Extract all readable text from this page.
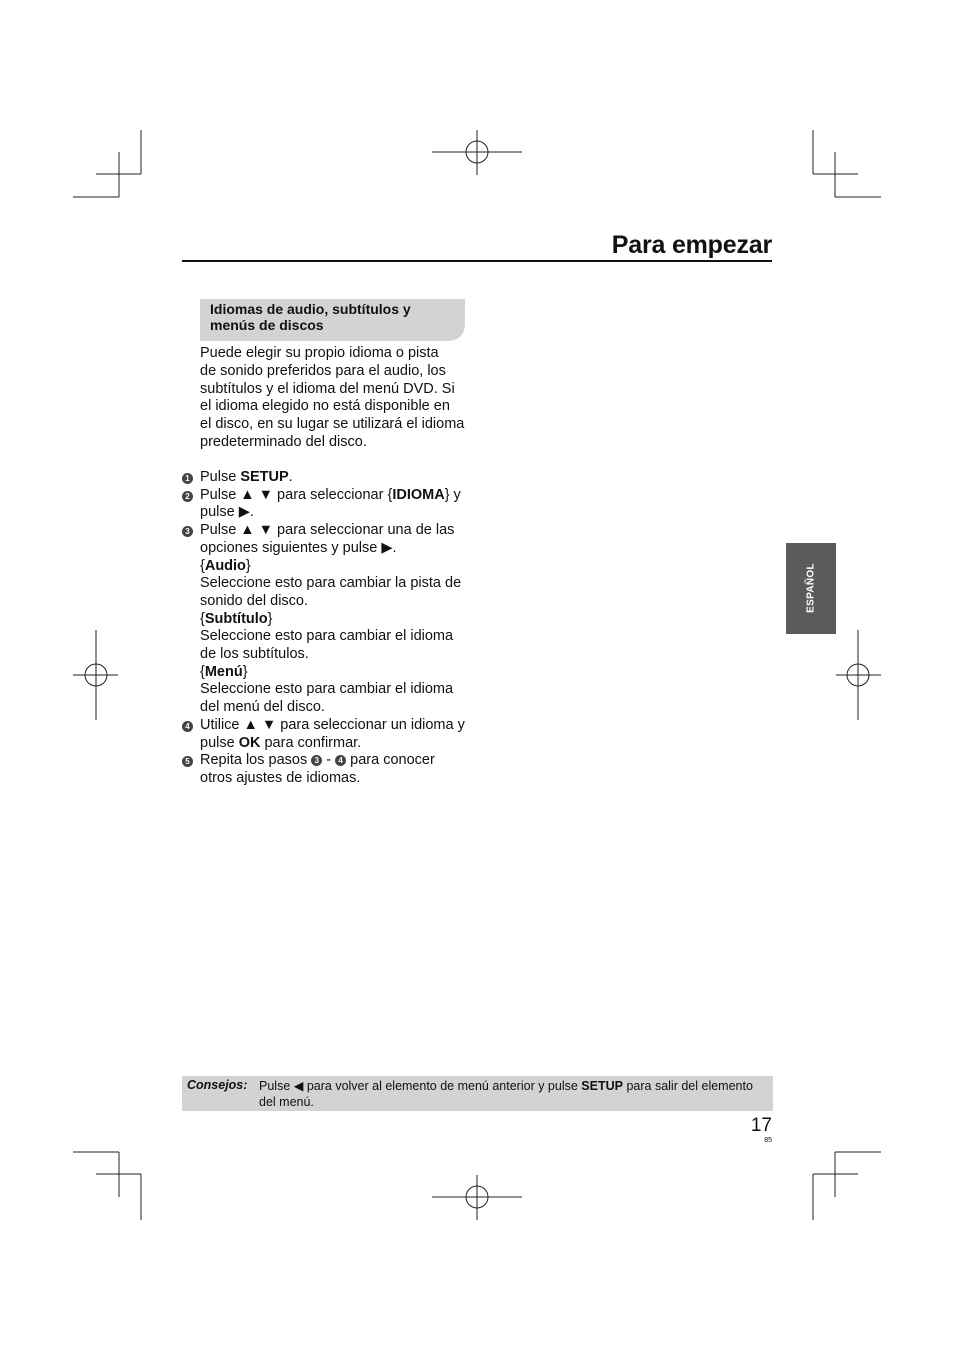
Para empezar
Idiomas de audio, subtítulos y
menús de discos
Puede elegir su propio idioma o pista
de sonido preferidos para el audio, los
subtítulos y el idioma del menú DVD. Si
el idioma elegido no está disponible en
el disco, en su lugar se utilizará el idioma
predeterminado del disco.
1 Pulse SETUP.
2 Pulse ▲ ▼ para seleccionar {IDIOMA} y
pulse ▶.
3 Pulse ▲ ▼ para seleccionar una de las
opciones siguientes y pulse ▶.
{Audio}
Seleccione esto para cambiar la pista de
sonido del disco.
{Subtítulo}
Seleccione esto para cambiar el idioma
de los subtítulos.
{Menú}
Seleccione esto para cambiar el idioma
del menú del disco.
4 Utilice ▲ ▼ para seleccionar un idioma y
pulse OK para confirmar.
5 Repita los pasos 3 - 4 para conocer
otros ajustes de idiomas.
ESPAÑOL
Consejos: Pulse ◀ para volver al elemento de menú anterior y pulse SETUP para salir del elemento
del menú.
17
85
